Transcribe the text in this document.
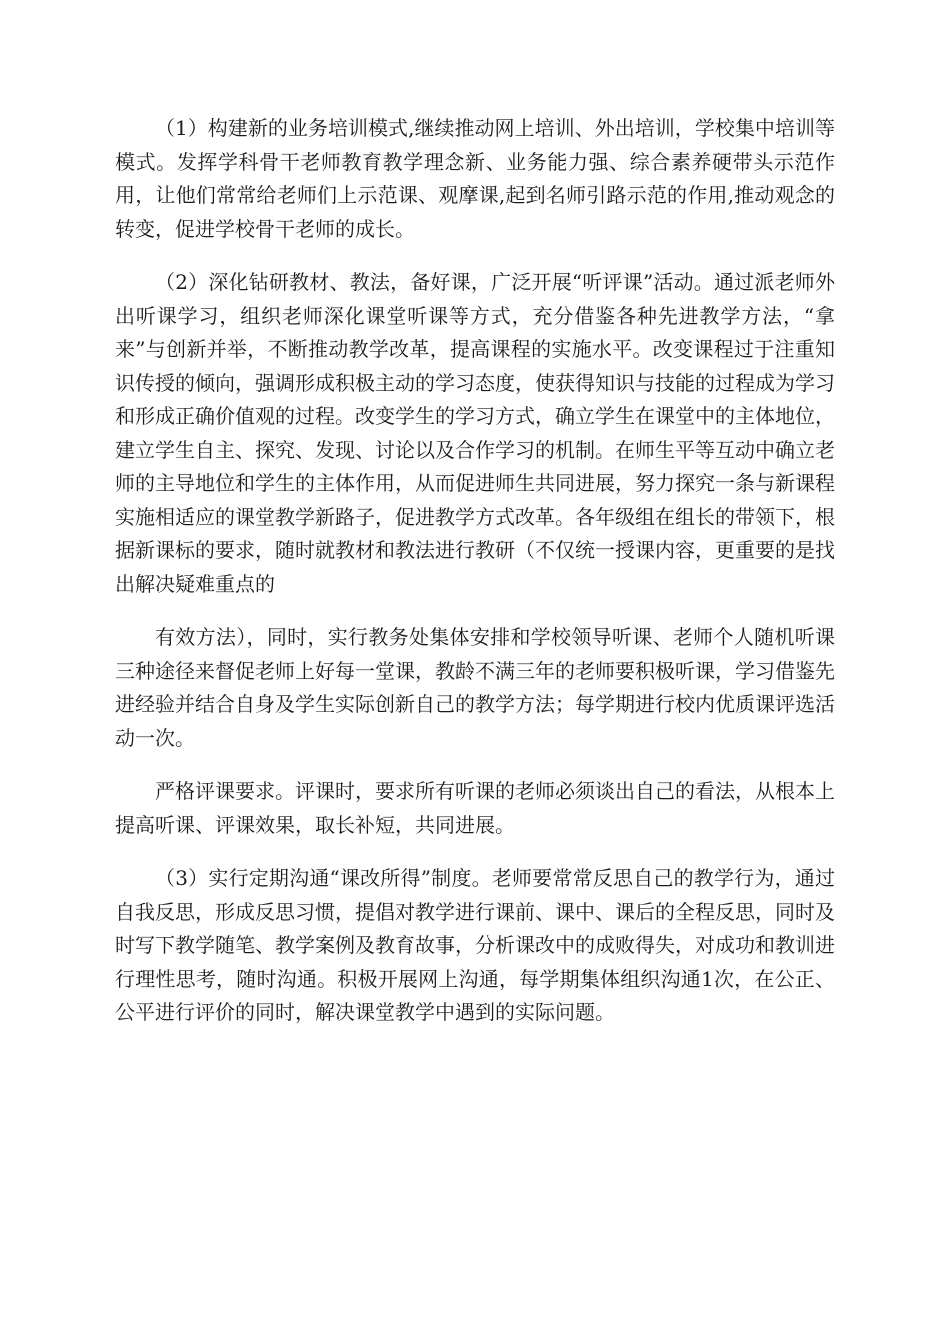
（1）构建新的业务培训模式,继续推动网上培训、外出培训，学校集中培训等模式。发挥学科骨干老师教育教学理念新、业务能力强、综合素养硬带头示范作用，让他们常常给老师们上示范课、观摩课,起到名师引路示范的作用,推动观念的转变，促进学校骨干老师的成长。

（2）深化钻研教材、教法，备好课，广泛开展“听评课”活动。通过派老师外出听课学习，组织老师深化课堂听课等方式，充分借鉴各种先进教学方法，“拿来”与创新并举，不断推动教学改革，提高课程的实施水平。改变课程过于注重知识传授的倾向，强调形成积极主动的学习态度，使获得知识与技能的过程成为学习和形成正确价值观的过程。改变学生的学习方式，确立学生在课堂中的主体地位，建立学生自主、探究、发现、讨论以及合作学习的机制。在师生平等互动中确立老师的主导地位和学生的主体作用，从而促进师生共同进展，努力探究一条与新课程实施相适应的课堂教学新路子，促进教学方式改革。各年级组在组长的带领下，根据新课标的要求，随时就教材和教法进行教研（不仅统一授课内容，更重要的是找出解决疑难重点的

有效方法），同时，实行教务处集体安排和学校领导听课、老师个人随机听课三种途径来督促老师上好每一堂课，教龄不满三年的老师要积极听课，学习借鉴先进经验并结合自身及学生实际创新自己的教学方法；每学期进行校内优质课评选活动一次。

严格评课要求。评课时，要求所有听课的老师必须谈出自己的看法，从根本上提高听课、评课效果，取长补短，共同进展。

（3）实行定期沟通“课改所得”制度。老师要常常反思自己的教学行为，通过自我反思，形成反思习惯，提倡对教学进行课前、课中、课后的全程反思，同时及时写下教学随笔、教学案例及教育故事，分析课改中的成败得失，对成功和教训进行理性思考，随时沟通。积极开展网上沟通，每学期集体组织沟通1次，在公正、公平进行评价的同时，解决课堂教学中遇到的实际问题。
